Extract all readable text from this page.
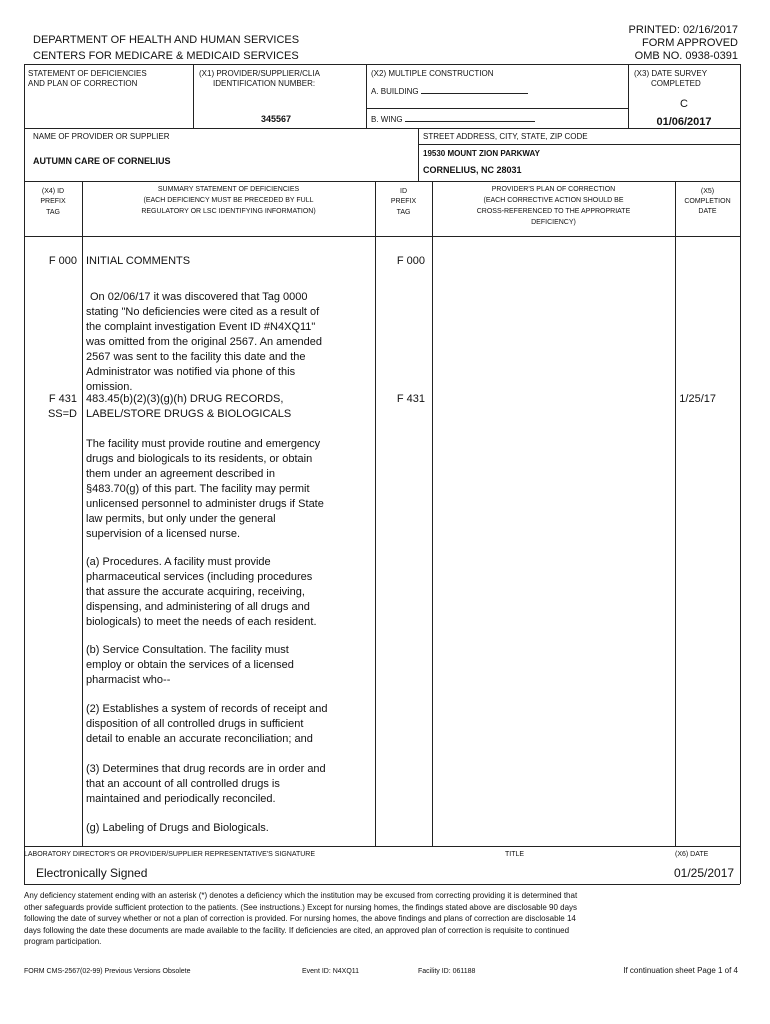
DEPARTMENT OF HEALTH AND HUMAN SERVICES
CENTERS FOR MEDICARE & MEDICAID SERVICES
PRINTED: 02/16/2017
FORM APPROVED
OMB NO. 0938-0391
STATEMENT OF DEFICIENCIES
AND PLAN OF CORRECTION
(X1) PROVIDER/SUPPLIER/CLIA
IDENTIFICATION NUMBER:
345567
(X2) MULTIPLE CONSTRUCTION
A. BUILDING
B. WING
(X3) DATE SURVEY
COMPLETED
C
01/06/2017
NAME OF PROVIDER OR SUPPLIER
AUTUMN CARE OF CORNELIUS
STREET ADDRESS, CITY, STATE, ZIP CODE
19530 MOUNT ZION PARKWAY
CORNELIUS, NC 28031
(X4) ID
PREFIX
TAG
SUMMARY STATEMENT OF DEFICIENCIES
(EACH DEFICIENCY MUST BE PRECEDED BY FULL
REGULATORY OR LSC IDENTIFYING INFORMATION)
ID
PREFIX
TAG
PROVIDER'S PLAN OF CORRECTION
(EACH CORRECTIVE ACTION SHOULD BE
CROSS-REFERENCED TO THE APPROPRIATE
DEFICIENCY)
(X5)
COMPLETION
DATE
F 000 INITIAL COMMENTS	F 000
On 02/06/17 it was discovered that Tag 0000
stating "No deficiencies were cited as a result of
the complaint investigation Event ID #N4XQ11"
was omitted from the original 2567. An amended
2567 was sent to the facility this date and the
Administrator was notified via phone of this
omission.
F 431
SS=D
483.45(b)(2)(3)(g)(h) DRUG RECORDS,
LABEL/STORE DRUGS & BIOLOGICALS
F 431	1/25/17
The facility must provide routine and emergency
drugs and biologicals to its residents, or obtain
them under an agreement described in
§483.70(g) of this part. The facility may permit
unlicensed personnel to administer drugs if State
law permits, but only under the general
supervision of a licensed nurse.
(a) Procedures. A facility must provide
pharmaceutical services (including procedures
that assure the accurate acquiring, receiving,
dispensing, and administering of all drugs and
biologicals) to meet the needs of each resident.
(b) Service Consultation. The facility must
employ or obtain the services of a licensed
pharmacist who--
(2) Establishes a system of records of receipt and
disposition of all controlled drugs in sufficient
detail to enable an accurate reconciliation; and
(3) Determines that drug records are in order and
that an account of all controlled drugs is
maintained and periodically reconciled.
(g) Labeling of Drugs and Biologicals.
LABORATORY DIRECTOR'S OR PROVIDER/SUPPLIER REPRESENTATIVE'S SIGNATURE	TITLE	(X6) DATE
Electronically Signed	01/25/2017
Any deficiency statement ending with an asterisk (*) denotes a deficiency which the institution may be excused from correcting providing it is determined that
other safeguards provide sufficient protection to the patients. (See instructions.) Except for nursing homes, the findings stated above are disclosable 90 days
following the date of survey whether or not a plan of correction is provided. For nursing homes, the above findings and plans of correction are disclosable 14
days following the date these documents are made available to the facility. If deficiencies are cited, an approved plan of correction is requisite to continued
program participation.
FORM CMS-2567(02-99) Previous Versions Obsolete	Event ID: N4XQ11	Facility ID: 061188	If continuation sheet Page 1 of 4
